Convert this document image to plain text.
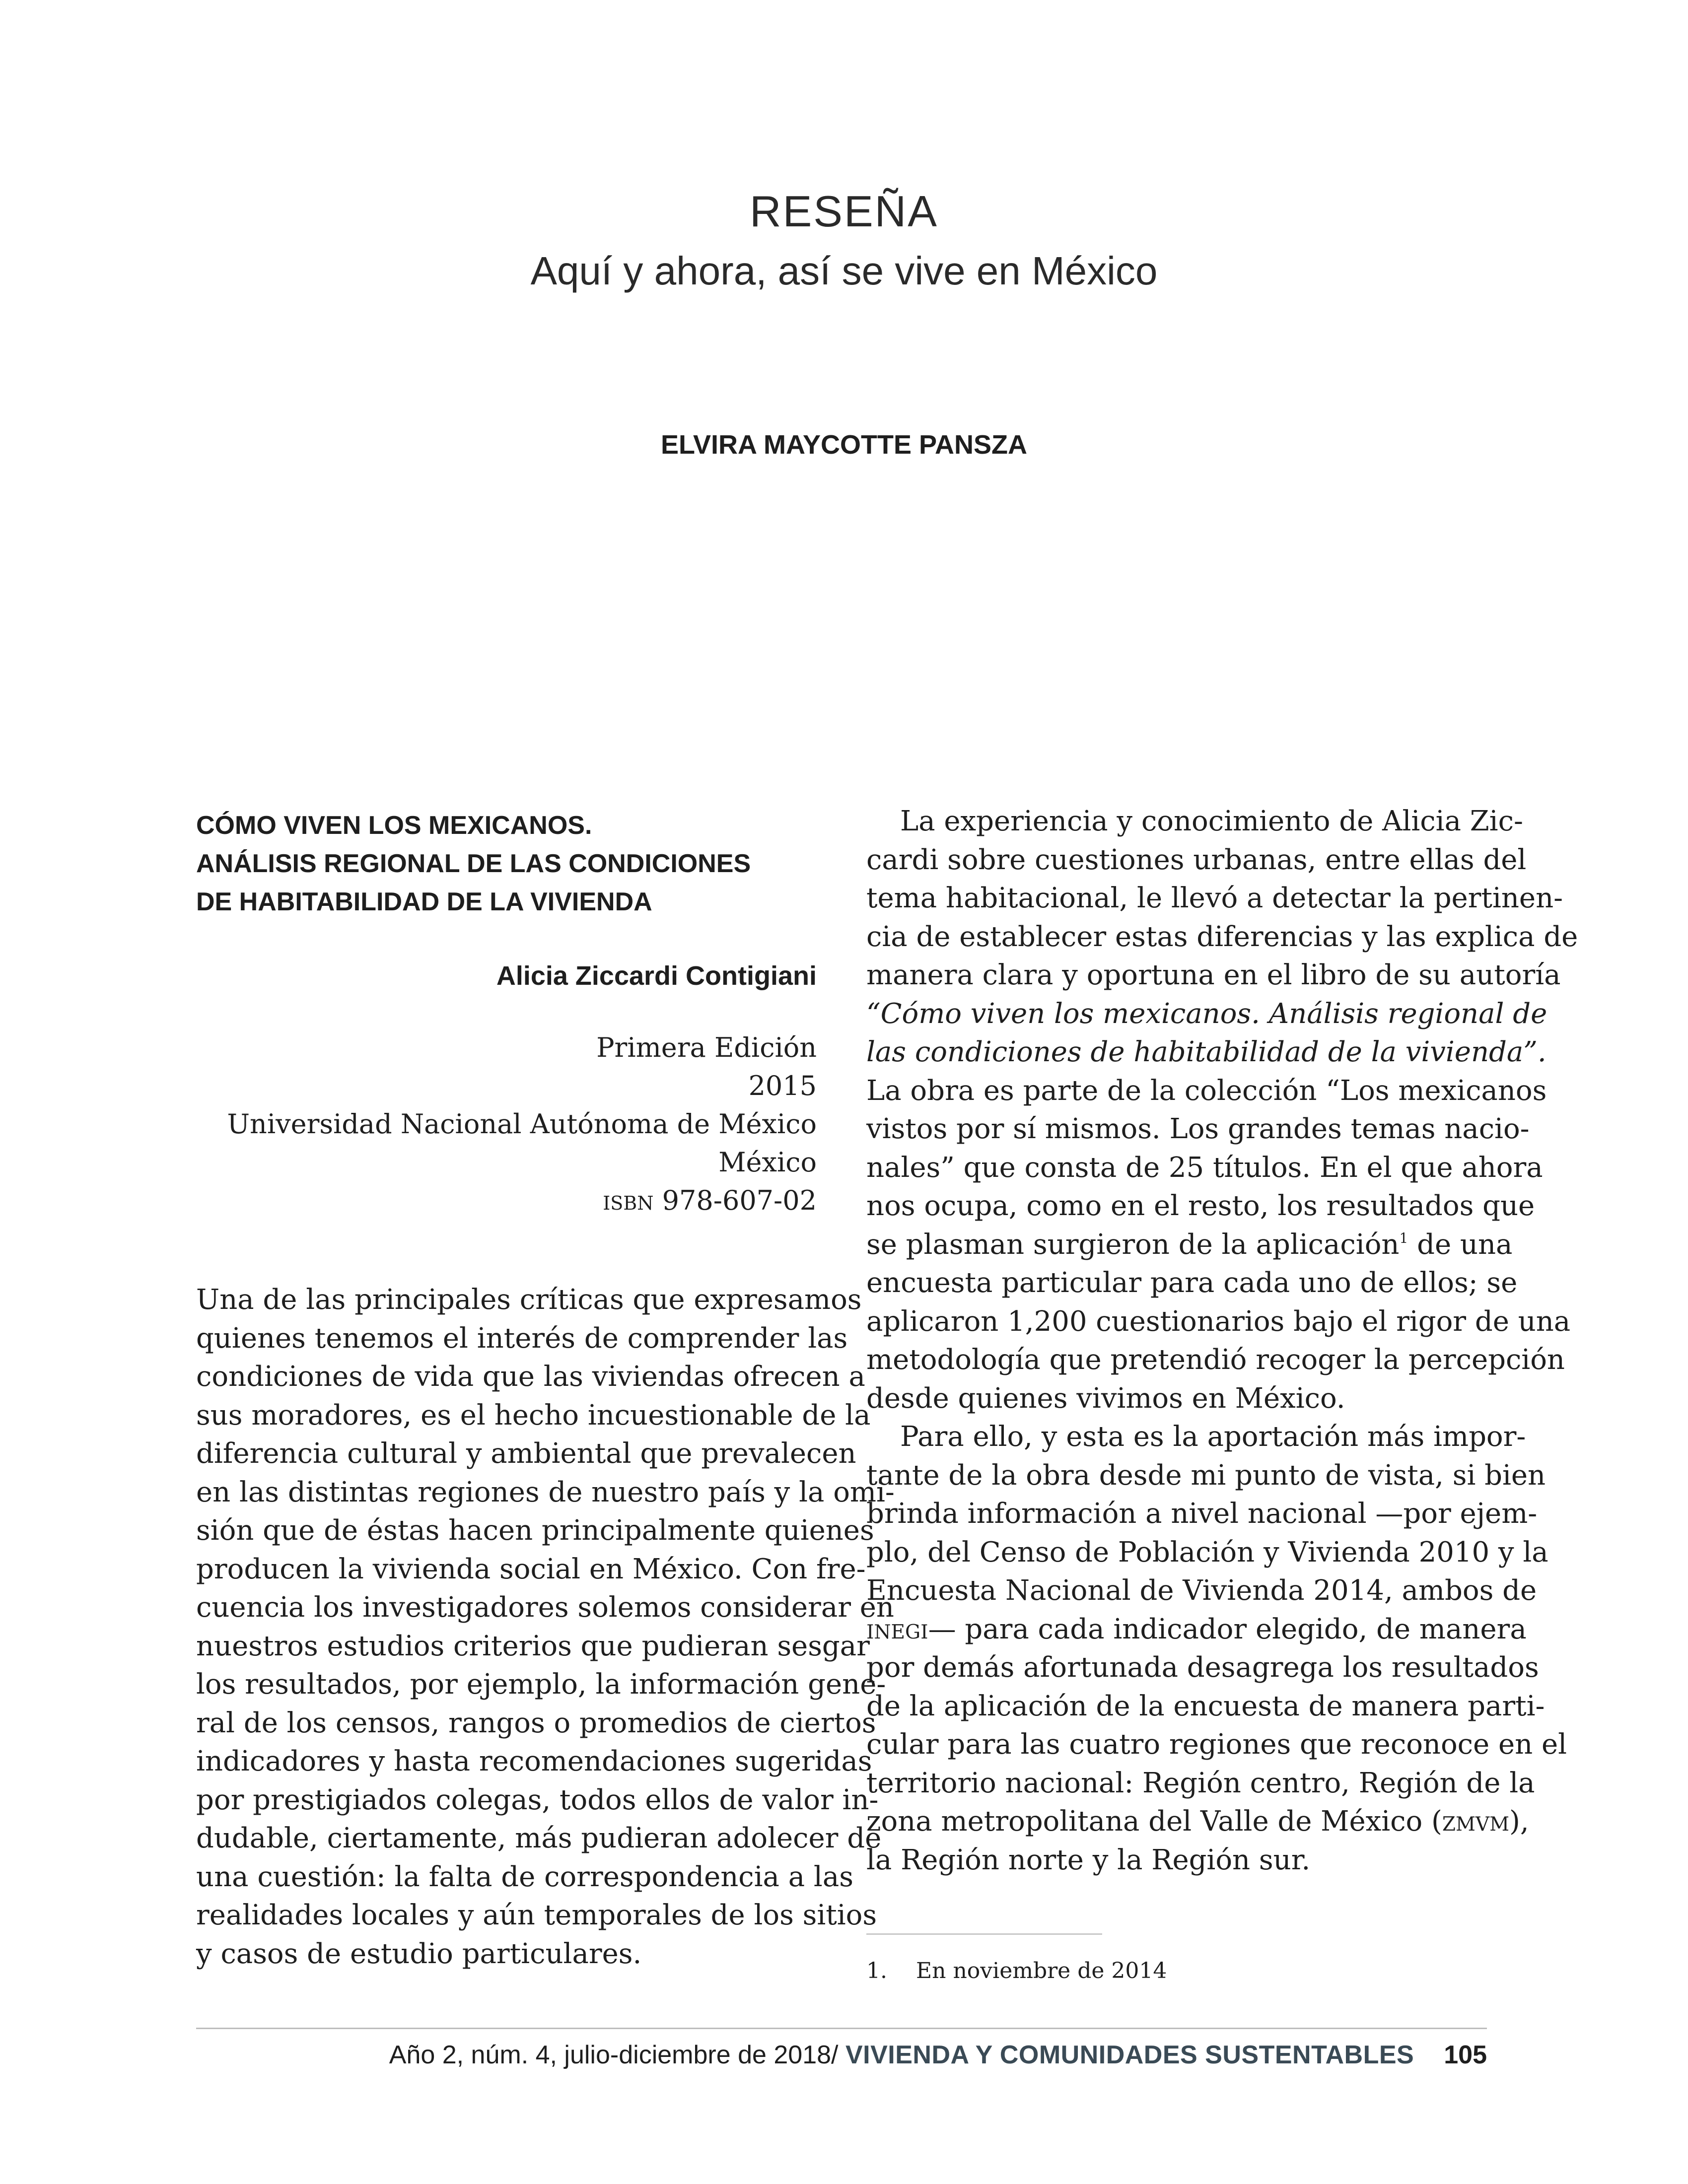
RESEÑA
Aquí y ahora, así se vive en México
ELVIRA MAYCOTTE PANSZA
CÓMO VIVEN LOS MEXICANOS.
ANÁLISIS REGIONAL DE LAS CONDICIONES
DE HABITABILIDAD DE LA VIVIENDA
Alicia Ziccardi Contigiani
Primera Edición
2015
Universidad Nacional Autónoma de México
México
isbn 978-607-02
Una de las principales críticas que expresamos
quienes tenemos el interés de comprender las
condiciones de vida que las viviendas ofrecen a
sus moradores, es el hecho incuestionable de la
diferencia cultural y ambiental que prevalecen
en las distintas regiones de nuestro país y la omi-
sión que de éstas hacen principalmente quienes
producen la vivienda social en México. Con fre-
cuencia los investigadores solemos considerar en
nuestros estudios criterios que pudieran sesgar
los resultados, por ejemplo, la información gene-
ral de los censos, rangos o promedios de ciertos
indicadores y hasta recomendaciones sugeridas
por prestigiados colegas, todos ellos de valor in-
dudable, ciertamente, más pudieran adolecer de
una cuestión: la falta de correspondencia a las
realidades locales y aún temporales de los sitios
y casos de estudio particulares.
La experiencia y conocimiento de Alicia Zic-
cardi sobre cuestiones urbanas, entre ellas del
tema habitacional, le llevó a detectar la pertinen-
cia de establecer estas diferencias y las explica de
manera clara y oportuna en el libro de su autoría
“Cómo viven los mexicanos. Análisis regional de
las condiciones de habitabilidad de la vivienda”.
La obra es parte de la colección “Los mexicanos
vistos por sí mismos. Los grandes temas nacio-
nales” que consta de 25 títulos. En el que ahora
nos ocupa, como en el resto, los resultados que
se plasman surgieron de la aplicación$^1$ de una
encuesta particular para cada uno de ellos; se
aplicaron 1,200 cuestionarios bajo el rigor de una
metodología que pretendió recoger la percepción
desde quienes vivimos en México.
Para ello, y esta es la aportación más impor-
tante de la obra desde mi punto de vista, si bien
brinda información a nivel nacional —por ejem-
plo, del Censo de Población y Vivienda 2010 y la
Encuesta Nacional de Vivienda 2014, ambos de
inegi— para cada indicador elegido, de manera
por demás afortunada desagrega los resultados
de la aplicación de la encuesta de manera parti-
cular para las cuatro regiones que reconoce en el
territorio nacional: Región centro, Región de la
zona metropolitana del Valle de México (zmvm),
la Región norte y la Región sur.
1. En noviembre de 2014
Año 2, núm. 4, julio-diciembre de 2018/ VIVIENDA Y COMUNIDADES SUSTENTABLES 105
